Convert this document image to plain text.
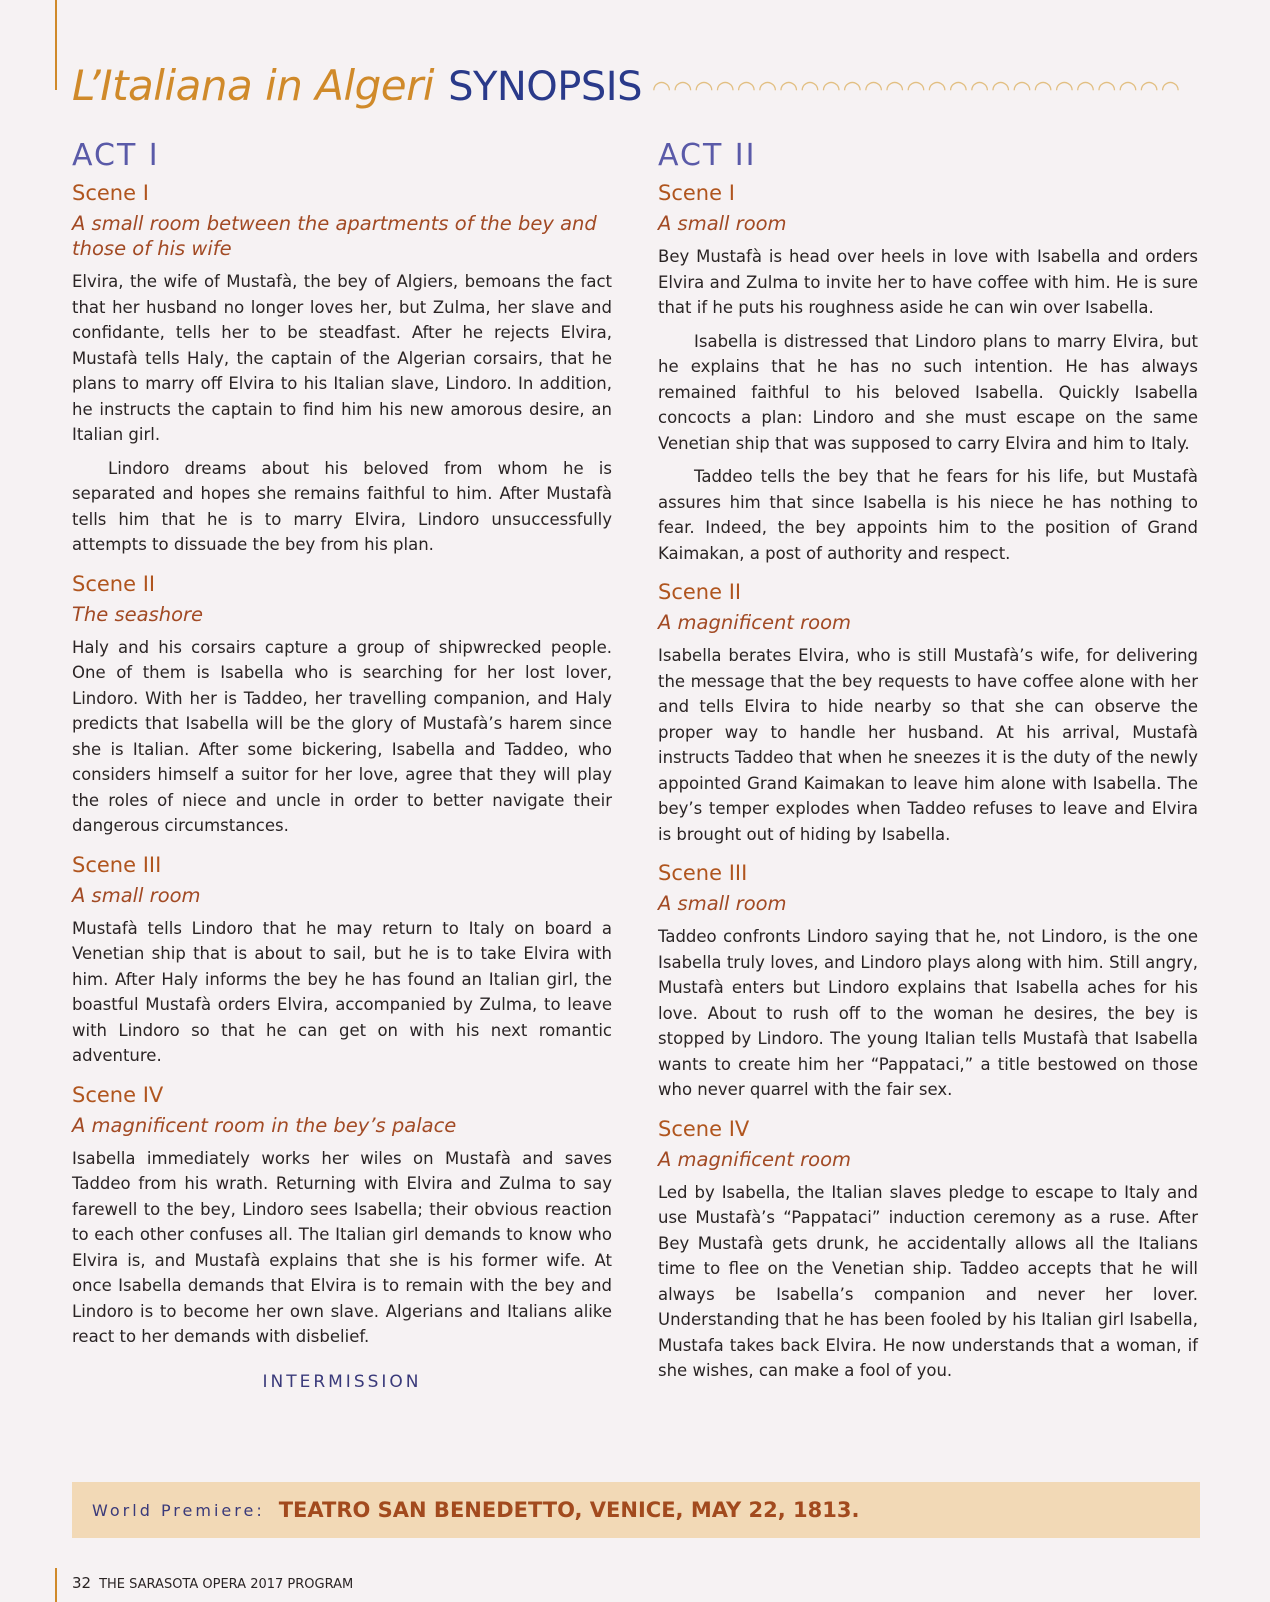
L’Italiana in Algeri SYNOPSIS ◠◠◠◠◠◠◠◠◠◠◠◠◠◠◠◠◠◠◠◠◠◠◠◠◠
ACT I
Scene I

A small room between the apartments of the bey and those of his wife

Elvira, the wife of Mustafà, the bey of Algiers, bemoans the fact that her husband no longer loves her, but Zulma, her slave and confidante, tells her to be steadfast. After he rejects Elvira, Mustafà tells Haly, the captain of the Algerian corsairs, that he plans to marry off Elvira to his Italian slave, Lindoro. In addition, he instructs the captain to find him his new amorous desire, an Italian girl.

Lindoro dreams about his beloved from whom he is separated and hopes she remains faithful to him. After Mustafà tells him that he is to marry Elvira, Lindoro unsuccessfully attempts to dissuade the bey from his plan.

Scene II

The seashore

Haly and his corsairs capture a group of shipwrecked people. One of them is Isabella who is searching for her lost lover, Lindoro. With her is Taddeo, her travelling companion, and Haly predicts that Isabella will be the glory of Mustafà’s harem since she is Italian. After some bickering, Isabella and Taddeo, who considers himself a suitor for her love, agree that they will play the roles of niece and uncle in order to better navigate their dangerous circumstances.

Scene III

A small room

Mustafà tells Lindoro that he may return to Italy on board a Venetian ship that is about to sail, but he is to take Elvira with him. After Haly informs the bey he has found an Italian girl, the boastful Mustafà orders Elvira, accompanied by Zulma, to leave with Lindoro so that he can get on with his next romantic adventure.

Scene IV

A magnificent room in the bey’s palace

Isabella immediately works her wiles on Mustafà and saves Taddeo from his wrath. Returning with Elvira and Zulma to say farewell to the bey, Lindoro sees Isabella; their obvious reaction to each other confuses all. The Italian girl demands to know who Elvira is, and Mustafà explains that she is his former wife. At once Isabella demands that Elvira is to remain with the bey and Lindoro is to become her own slave. Algerians and Italians alike react to her demands with disbelief.

INTERMISSION
ACT II
Scene I

A small room

Bey Mustafà is head over heels in love with Isabella and orders Elvira and Zulma to invite her to have coffee with him. He is sure that if he puts his roughness aside he can win over Isabella.

Isabella is distressed that Lindoro plans to marry Elvira, but he explains that he has no such intention. He has always remained faithful to his beloved Isabella. Quickly Isabella concocts a plan: Lindoro and she must escape on the same Venetian ship that was supposed to carry Elvira and him to Italy.

Taddeo tells the bey that he fears for his life, but Mustafà assures him that since Isabella is his niece he has nothing to fear. Indeed, the bey appoints him to the position of Grand Kaimakan, a post of authority and respect.

Scene II

A magnificent room

Isabella berates Elvira, who is still Mustafà’s wife, for delivering the message that the bey requests to have coffee alone with her and tells Elvira to hide nearby so that she can observe the proper way to handle her husband. At his arrival, Mustafà instructs Taddeo that when he sneezes it is the duty of the newly appointed Grand Kaimakan to leave him alone with Isabella. The bey’s temper explodes when Taddeo refuses to leave and Elvira is brought out of hiding by Isabella.

Scene III

A small room

Taddeo confronts Lindoro saying that he, not Lindoro, is the one Isabella truly loves, and Lindoro plays along with him. Still angry, Mustafà enters but Lindoro explains that Isabella aches for his love. About to rush off to the woman he desires, the bey is stopped by Lindoro. The young Italian tells Mustafà that Isabella wants to create him her “Pappataci,” a title bestowed on those who never quarrel with the fair sex.

Scene IV

A magnificent room

Led by Isabella, the Italian slaves pledge to escape to Italy and use Mustafà’s “Pappataci” induction ceremony as a ruse. After Bey Mustafà gets drunk, he accidentally allows all the Italians time to flee on the Venetian ship. Taddeo accepts that he will always be Isabella’s companion and never her lover. Understanding that he has been fooled by his Italian girl Isabella, Mustafa takes back Elvira. He now understands that a woman, if she wishes, can make a fool of you.

World Premiere: TEATRO SAN BENEDETTO, VENICE, MAY 22, 1813.
32 THE SARASOTA OPERA 2017 PROGRAM
